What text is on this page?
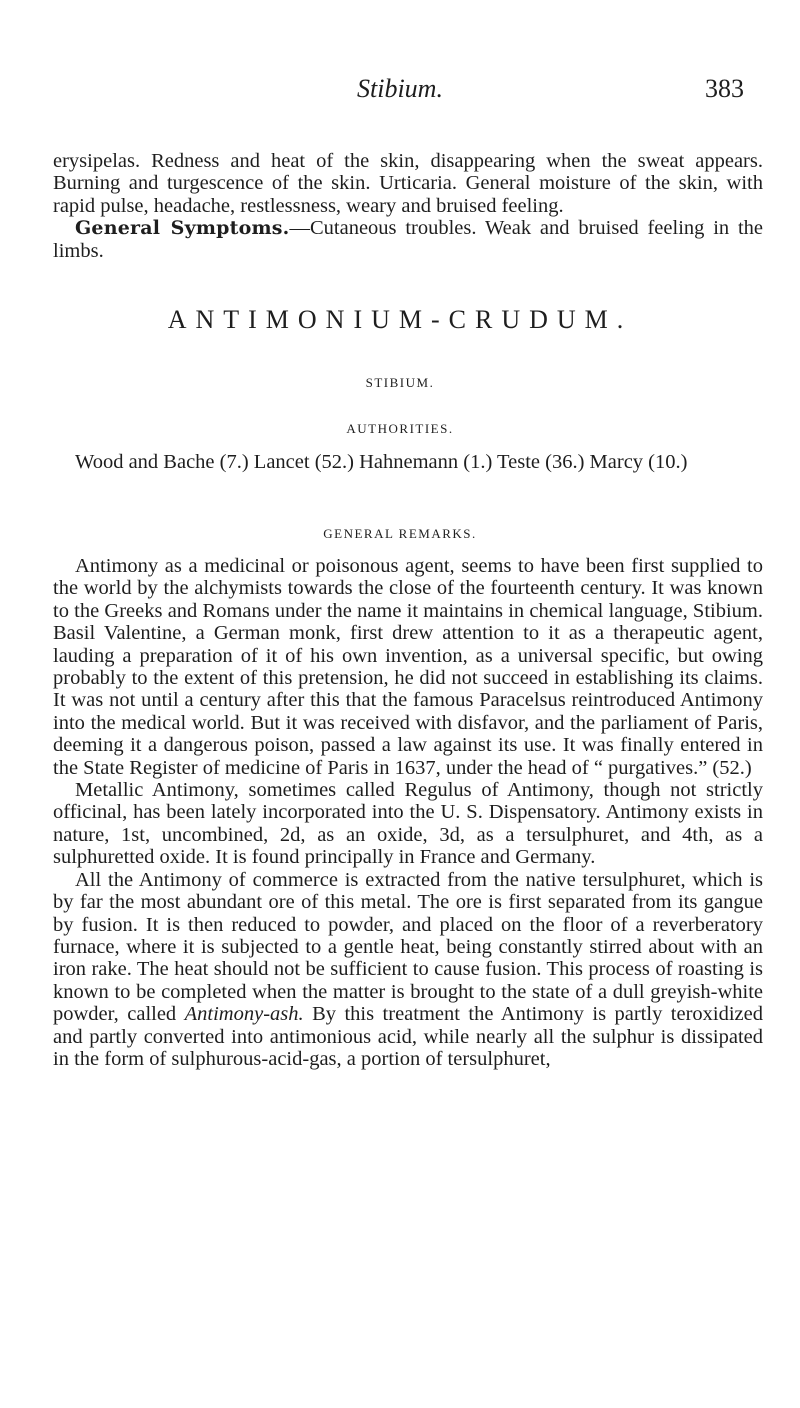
Stibium.	383

erysipelas. Redness and heat of the skin, disappearing when the sweat appears. Burning and turgescence of the skin. Urticaria. General moisture of the skin, with rapid pulse, headache, restlessness, weary and bruised feeling.

General Symptoms.—Cutaneous troubles. Weak and bruised feeling in the limbs.

ANTIMONIUM-CRUDUM.
STIBIUM.
AUTHORITIES.

Wood and Bache (7.) Lancet (52.) Hahnemann (1.) Teste (36.) Marcy (10.)

GENERAL REMARKS.

Antimony as a medicinal or poisonous agent, seems to have been first supplied to the world by the alchymists towards the close of the fourteenth century. It was known to the Greeks and Romans under the name it maintains in chemical language, Stibium. Basil Valentine, a German monk, first drew attention to it as a therapeutic agent, lauding a preparation of it of his own invention, as a universal specific, but owing probably to the extent of this pretension, he did not succeed in establishing its claims. It was not until a century after this that the famous Paracelsus reintroduced Antimony into the medical world. But it was received with disfavor, and the parliament of Paris, deeming it a dangerous poison, passed a law against its use. It was finally entered in the State Register of medicine of Paris in 1637, under the head of “ purgatives.” (52.)

Metallic Antimony, sometimes called Regulus of Antimony, though not strictly officinal, has been lately incorporated into the U. S. Dispensatory. Antimony exists in nature, 1st, uncombined, 2d, as an oxide, 3d, as a tersulphuret, and 4th, as a sulphuretted oxide. It is found principally in France and Germany.

All the Antimony of commerce is extracted from the native tersulphuret, which is by far the most abundant ore of this metal. The ore is first separated from its gangue by fusion. It is then reduced to powder, and placed on the floor of a reverberatory furnace, where it is subjected to a gentle heat, being constantly stirred about with an iron rake. The heat should not be sufficient to cause fusion. This process of roasting is known to be completed when the matter is brought to the state of a dull greyish-white powder, called Antimony-ash. By this treatment the Antimony is partly teroxidized and partly converted into antimonious acid, while nearly all the sulphur is dissipated in the form of sulphurous-acid-gas, a portion of tersulphuret,
